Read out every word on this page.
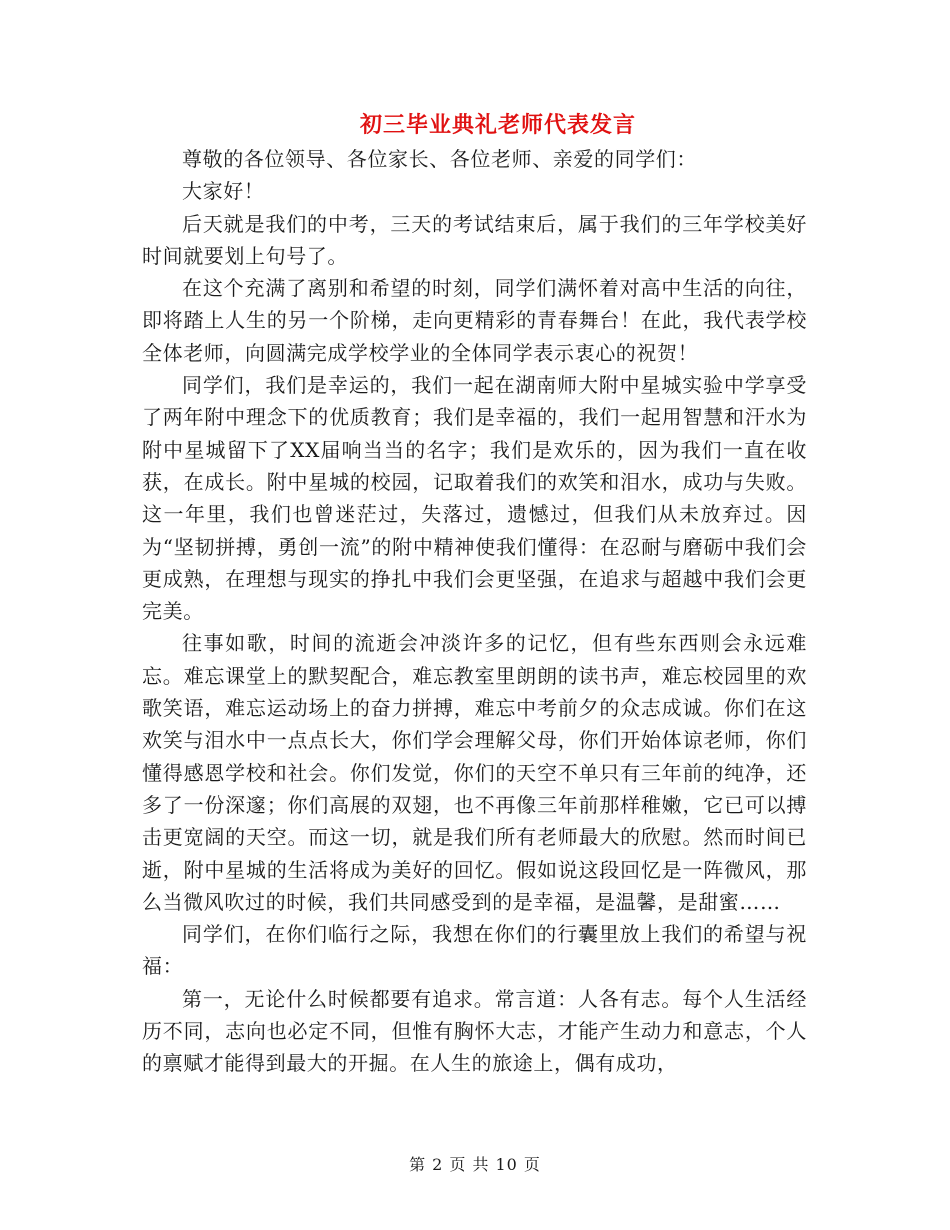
初三毕业典礼老师代表发言

尊敬的各位领导、各位家长、各位老师、亲爱的同学们：

大家好！

后天就是我们的中考，三天的考试结束后，属于我们的三年学校美好时间就要划上句号了。

在这个充满了离别和希望的时刻，同学们满怀着对高中生活的向往，即将踏上人生的另一个阶梯，走向更精彩的青春舞台！在此，我代表学校全体老师，向圆满完成学校学业的全体同学表示衷心的祝贺！

同学们，我们是幸运的，我们一起在湖南师大附中星城实验中学享受了两年附中理念下的优质教育；我们是幸福的，我们一起用智慧和汗水为附中星城留下了XX届响当当的名字；我们是欢乐的，因为我们一直在收获，在成长。附中星城的校园，记取着我们的欢笑和泪水，成功与失败。这一年里，我们也曾迷茫过，失落过，遗憾过，但我们从未放弃过。因为“坚韧拼搏，勇创一流”的附中精神使我们懂得：在忍耐与磨砺中我们会更成熟，在理想与现实的挣扎中我们会更坚强，在追求与超越中我们会更完美。

往事如歌，时间的流逝会冲淡许多的记忆，但有些东西则会永远难忘。难忘课堂上的默契配合，难忘教室里朗朗的读书声，难忘校园里的欢歌笑语，难忘运动场上的奋力拼搏，难忘中考前夕的众志成诚。你们在这欢笑与泪水中一点点长大，你们学会理解父母，你们开始体谅老师，你们懂得感恩学校和社会。你们发觉，你们的天空不单只有三年前的纯净，还多了一份深邃；你们高展的双翅，也不再像三年前那样稚嫩，它已可以搏击更宽阔的天空。而这一切，就是我们所有老师最大的欣慰。然而时间已逝，附中星城的生活将成为美好的回忆。假如说这段回忆是一阵微风，那么当微风吹过的时候，我们共同感受到的是幸福，是温馨，是甜蜜……

同学们，在你们临行之际，我想在你们的行囊里放上我们的希望与祝福：

第一，无论什么时候都要有追求。常言道：人各有志。每个人生活经历不同，志向也必定不同，但惟有胸怀大志，才能产生动力和意志，个人的禀赋才能得到最大的开掘。在人生的旅途上，偶有成功，

第 2 页 共 10 页
